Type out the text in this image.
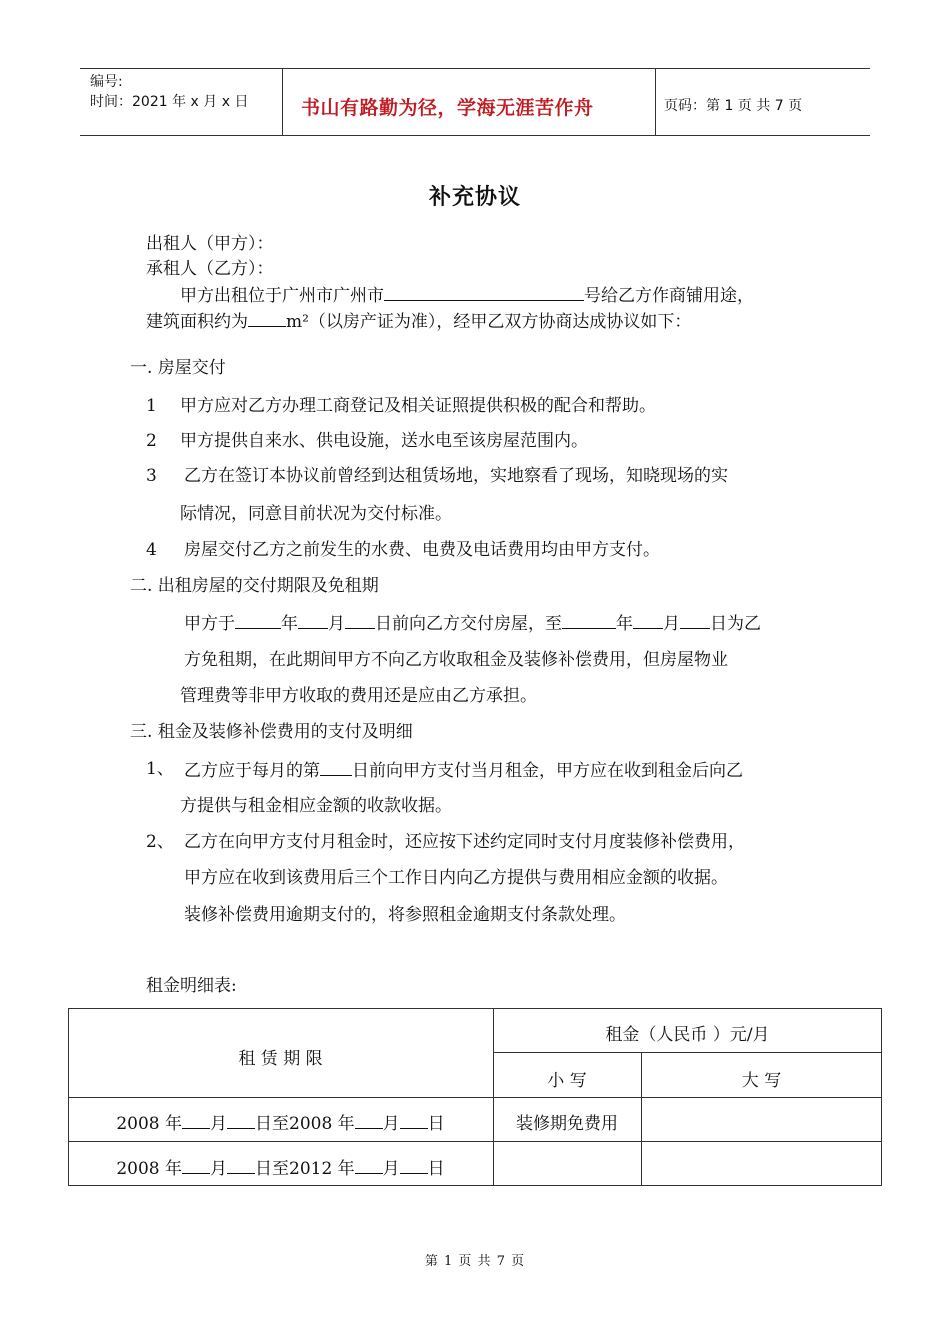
编号:
时间：2021 年 x 月 x 日	书山有路勤为径，学海无涯苦作舟	页码：第 1 页 共 7 页
补充协议
出租人（甲方）：
承租人（乙方）：
甲方出租位于广州市广州市	号给乙方作商铺用途，
建筑面积约为 m²（以房产证为准），经甲乙双方协商达成协议如下：
一. 房屋交付
1 甲方应对乙方办理工商登记及相关证照提供积极的配合和帮助。
2 甲方提供自来水、供电设施，送水电至该房屋范围内。
3 乙方在签订本协议前曾经到达租赁场地，实地察看了现场，知晓现场的实
际情况，同意目前状况为交付标准。
4 房屋交付乙方之前发生的水费、电费及电话费用均由甲方支付。
二. 出租房屋的交付期限及免租期
甲方于	年 月 日前向乙方交付房屋，至	年 月 日为乙
方免租期，在此期间甲方不向乙方收取租金及装修补偿费用，但房屋物业
管理费等非甲方收取的费用还是应由乙方承担。
三. 租金及装修补偿费用的支付及明细
1、 乙方应于每月的第 日前向甲方支付当月租金，甲方应在收到租金后向乙
方提供与租金相应金额的收款收据。
2、 乙方在向甲方支付月租金时，还应按下述约定同时支付月度装修补偿费用，
甲方应在收到该费用后三个工作日内向乙方提供与费用相应金额的收据。
装修补偿费用逾期支付的，将参照租金逾期支付条款处理。
租金明细表:
租 赁 期 限
租金（人民币 ）元/月
小 写	大 写
2008 年 月 日至2008 年 月 日	装修期免费用
2008 年 月 日至2012 年 月 日
第 1 页 共 7 页
